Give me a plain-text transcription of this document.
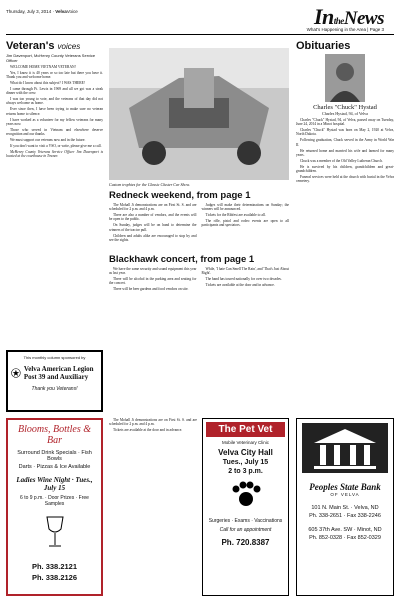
Thursday, July 3, 2014 · VelvaVoice	IntheNews
What's Happening in the Area | Page 3
Veteran's voices
Jim Davenport, McHenry County Veterans Service Officer

WELCOME HOME VIETNAM VETERAN!

Yes, I know it is 40 years or so too late but there you have it. Thank you and welcome home.

What do I know about this subject? I WAS THERE!

I came through Ft. Lewis in 1969 and all we got was a steak dinner with the crew.

I was too young to vote, and the veterans of that day did not always welcome us home.

Ever since then, I have been trying to make sure no veteran returns home to silence.

I have worked as a volunteer for my fellow veterans for many years now.

Those who served in Vietnam and elsewhere deserve recognition and our thanks.

We must support our veterans now and in the future.

If you don't want to visit a VSO, or write, please give me a call.

McHenry County Veterans Service Officer Jim Davenport is located at the courthouse in Towner.

This monthly column sponsored by
Velva American Legion Post 39 and Auxiliary
Thank you Veterans!
Blooms, Bottles & Bar
Surround Drink Specials · Fish Bowls
Darts · Pizzas & Ice Available
Ladies Wine Night · Tues., July 15
6 to 9 p.m. · Door Prizes · Free Samples
Ph. 338.2121
Ph. 338.2126
Custom trophies for the Classic Cluster Car Show.
Redneck weekend, from page 1

The Mohall Ji demonstrations are on First St. S. and are scheduled for 2 p.m. and 4 p.m.

There are also a number of vendors, and the events will be open to the public.

On Sunday, judges will be on hand to determine the winners of the tractor pull.

Children and adults alike are encouraged to stop by and see the sights.

Judges will make their determinations on Sunday; the winners will be announced.

Tickets for the Ribfest are available to all.

The rifle, pistol and rodeo events are open to all participants and spectators.

Blackhawk concert, from page 1

We have the same security and sound equipment this year as last year.

There will be alcohol in the parking area and seating for the concert.

There will be beer gardens and food vendors on site.

While, 'I hate Can Smell The Rain', and 'That's Just About Right'.

The band has toured nationally for over two decades.

Tickets are available at the door and in advance.

The Pet Vet
Mobile Veterinary Clinic
Velva City Hall
Tues., July 15
2 to 3 p.m.
Surgeries · Exams · Vaccinations
Call for an appointment
Ph. 720.8387

The Mohall Ji demonstrations are on First St. S. and are scheduled for 2 p.m. and 4 p.m.

Tickets are available at the door and in advance.

Obituaries
Charles "Chuck" Hystad
Charles Hystad, 94, of Velva

Charles "Chuck" Hystad, 94, of Velva, passed away on Tuesday, June 24, 2014 in a Minot hospital.

Charles "Chuck" Hystad was born on May 2, 1920 at Velva, North Dakota.

Following graduation, Chuck served in the Army in World War II.

He returned home and married his wife and farmed for many years.

Chuck was a member of the Old Valley Lutheran Church.

He is survived by his children, grandchildren and great-grandchildren.

Funeral services were held at the church with burial in the Velva cemetery.

Peoples State Bank
OF VELVA
101 N. Main St. · Velva, ND
Ph. 338-2651 · Fax 338-2246
605 37th Ave. SW · Minot, ND
Ph. 852-0328 · Fax 852-0329
